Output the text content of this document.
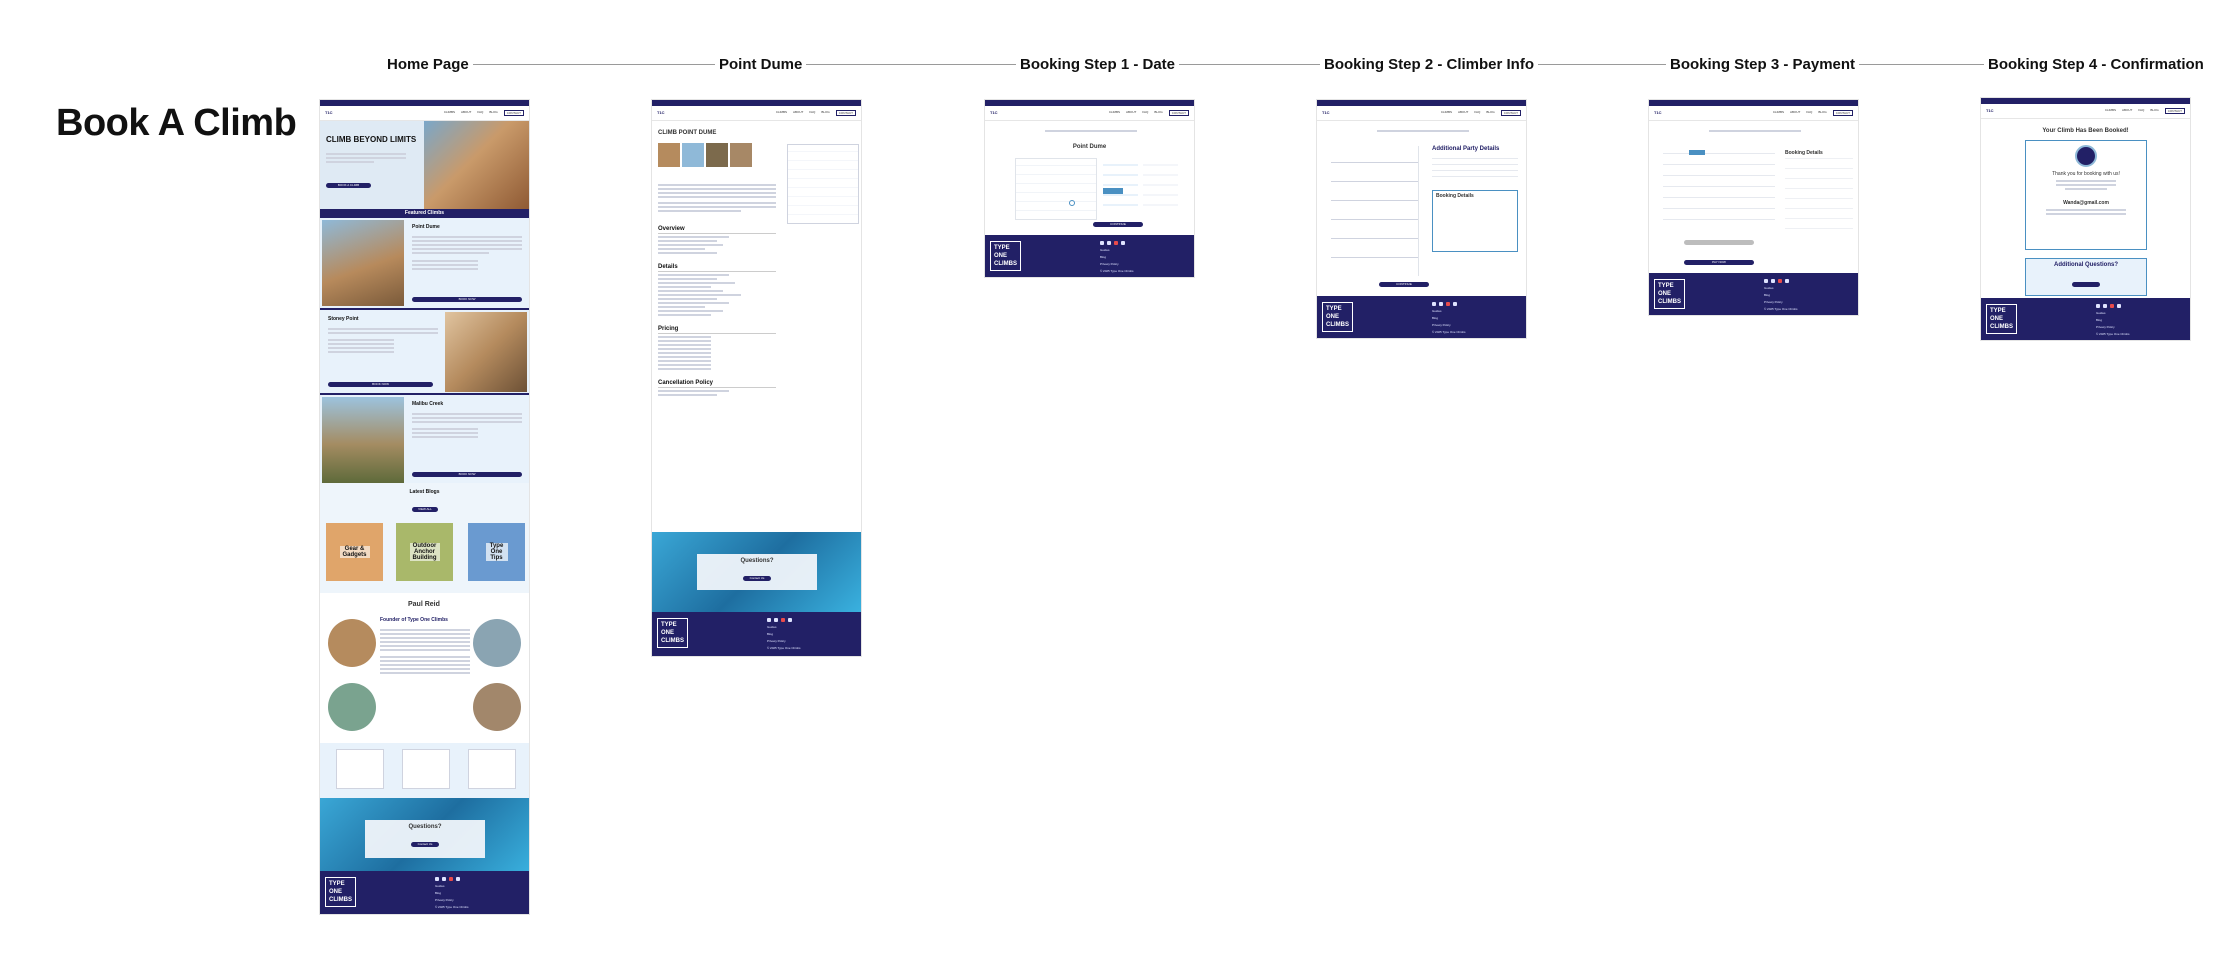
Home Page	Point Dume	Booking Step 1 - Date	Booking Step 2 - Climber Info	Booking Step 3 - Payment	Booking Step 4 - Confirmation
Book A Climb	T1C	CLIMBS ABOUT FAQ BLOG	CONTACT
CLIMB BEYOND LIMITS
BOOK A CLIMB
Featured Climbs
Point Dume
BOOK NOW
Stoney Point
BOOK NOW
Malibu Creek
BOOK NOW
Latest Blogs
VIEW ALL
Gear & Gadgets
Outdoor Anchor Building
Type One Tips
Paul Reid
Founder of Type One Climbs
Questions?
Contact Us
TYPE
ONE
CLIMBS
Guides
Blog
Privacy Policy
© 2025 Type One Climbs
T1C	CLIMBS ABOUT FAQ BLOG	CONTACT
CLIMB POINT DUME
Overview
Details
Pricing
Cancellation Policy
Questions?
Contact Us
TYPE
ONE
CLIMBS
Guides
Blog
Privacy Policy
© 2025 Type One Climbs
T1C	CLIMBS ABOUT FAQ BLOG	CONTACT
Point Dume
CONTINUE
TYPE
ONE
CLIMBS
Guides
Blog
Privacy Policy
© 2025 Type One Climbs
T1C	CLIMBS ABOUT FAQ BLOG	CONTACT
Additional Party Details
Booking Details
CONTINUE
TYPE
ONE
CLIMBS
Guides
Blog
Privacy Policy
© 2025 Type One Climbs
T1C	CLIMBS ABOUT FAQ BLOG	CONTACT
Booking Details
PAY NOW
TYPE
ONE
CLIMBS
Guides
Blog
Privacy Policy
© 2025 Type One Climbs
T1C	CLIMBS ABOUT FAQ BLOG	CONTACT
Your Climb Has Been Booked!
Thank you for booking with us!
Wanda@gmail.com
Additional Questions?
TYPE
ONE
CLIMBS
Guides
Blog
Privacy Policy
© 2025 Type One Climbs
